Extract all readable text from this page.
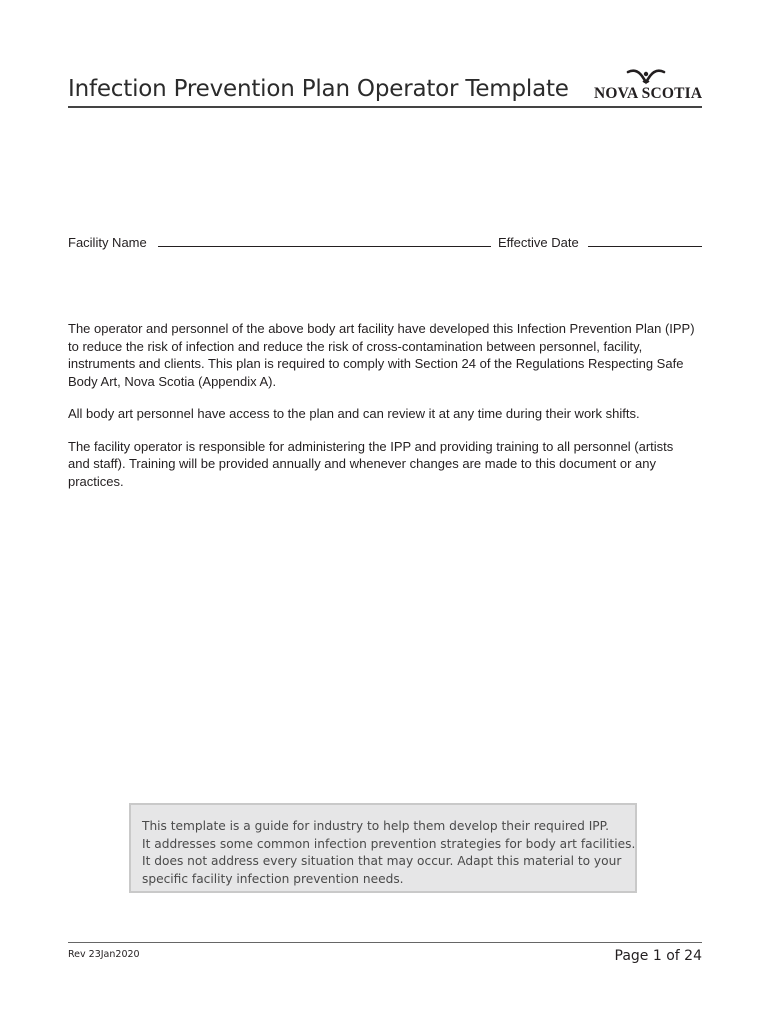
Infection Prevention Plan Operator Template NOVA SCOTIA
Facility Name	Effective Date

The operator and personnel of the above body art facility have developed this Infection Prevention Plan (IPP) to reduce the risk of infection and reduce the risk of cross-contamination between personnel, facility, instruments and clients. This plan is required to comply with Section 24 of the Regulations Respecting Safe Body Art, Nova Scotia (Appendix A).

All body art personnel have access to the plan and can review it at any time during their work shifts.

The facility operator is responsible for administering the IPP and providing training to all personnel (artists and staff). Training will be provided annually and whenever changes are made to this document or any practices.

This template is a guide for industry to help them develop their required IPP.
It addresses some common infection prevention strategies for body art facilities.
It does not address every situation that may occur. Adapt this material to your
specific facility infection prevention needs.
Rev 23Jan2020	Page 1 of 24
